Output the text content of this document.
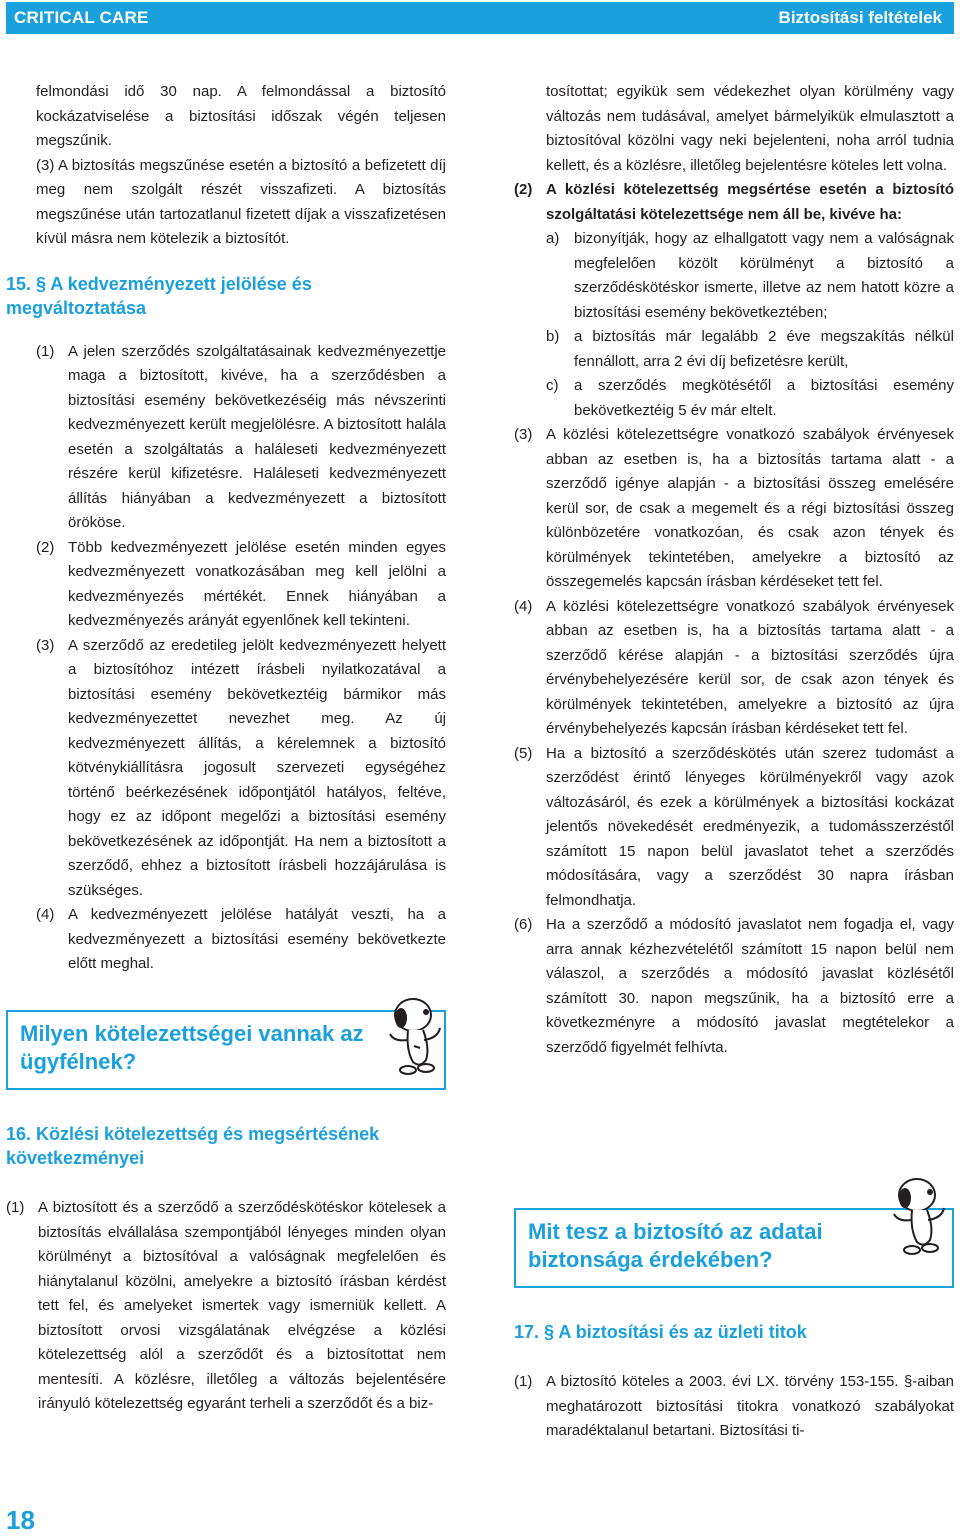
CRITICAL CARE	Biztosítási feltételek

felmondási idő 30 nap. A felmondással a biztosító kockázatviselése a biztosítási időszak végén teljesen megszűnik.

(3) A biztosítás megszűnése esetén a biztosító a befizetett díj meg nem szolgált részét visszafizeti. A biztosítás megszűnése után tartozatlanul fizetett díjak a visszafizetésen kívül másra nem kötelezik a biztosítót.

15. § A kedvezményezett jelölése és megváltoztatása
(1) A jelen szerződés szolgáltatásainak kedvezményezettje maga a biztosított, kivéve, ha a szerződésben a biztosítási esemény bekövetkezéséig más névszerinti kedvezményezett került megjelölésre. A biztosított halála esetén a szolgáltatás a haláleseti kedvezményezett részére kerül kifizetésre. Haláleseti kedvezményezett állítás hiányában a kedvezményezett a biztosított örököse.
(2) Több kedvezményezett jelölése esetén minden egyes kedvezményezett vonatkozásában meg kell jelölni a kedvezményezés mértékét. Ennek hiányában a kedvezményezés arányát egyenlőnek kell tekinteni.
(3) A szerződő az eredetileg jelölt kedvezményezett helyett a biztosítóhoz intézett írásbeli nyilatkozatával a biztosítási esemény bekövetkeztéig bármikor más kedvezményezettet nevezhet meg. Az új kedvezményezett állítás, a kérelemnek a biztosító kötvénykiállításra jogosult szervezeti egységéhez történő beérkezésének időpontjától hatályos, feltéve, hogy ez az időpont megelőzi a biztosítási esemény bekövetkezésének az időpontját. Ha nem a biztosított a szerződő, ehhez a biztosított írásbeli hozzájárulása is szükséges.
(4) A kedvezményezett jelölése hatályát veszti, ha a kedvezményezett a biztosítási esemény bekövetkezte előtt meghal.
Milyen kötelezettségei vannak az ügyfélnek?
16. Közlési kötelezettség és megsértésének következményei
(1) A biztosított és a szerződő a szerződéskötéskor kötelesek a biztosítás elvállalása szempontjából lényeges minden olyan körülményt a biztosítóval a valóságnak megfelelően és hiánytalanul közölni, amelyekre a biztosító írásban kérdést tett fel, és amelyeket ismertek vagy ismerniük kellett. A biztosított orvosi vizsgálatának elvégzése a közlési kötelezettség alól a szerződőt és a biztosítottat nem mentesíti. A közlésre, illetőleg a változás bejelentésére irányuló kötelezettség egyaránt terheli a szerződőt és a biz-

tosítottat; egyikük sem védekezhet olyan körülmény vagy változás nem tudásával, amelyet bármelyikük elmulasztott a biztosítóval közölni vagy neki bejelenteni, noha arról tudnia kellett, és a közlésre, illetőleg bejelentésre köteles lett volna.

(2) A közlési kötelezettség megsértése esetén a biztosító szolgáltatási kötelezettsége nem áll be, kivéve ha:
a) bizonyítják, hogy az elhallgatott vagy nem a valóságnak megfelelően közölt körülményt a biztosító a szerződéskötéskor ismerte, illetve az nem hatott közre a biztosítási esemény bekövetkeztében;
b) a biztosítás már legalább 2 éve megszakítás nélkül fennállott, arra 2 évi díj befizetésre került,
c) a szerződés megkötésétől a biztosítási esemény bekövetkeztéig 5 év már eltelt.
(3) A közlési kötelezettségre vonatkozó szabályok érvényesek abban az esetben is, ha a biztosítás tartama alatt - a szerződő igénye alapján - a biztosítási összeg emelésére kerül sor, de csak a megemelt és a régi biztosítási összeg különbözetére vonatkozóan, és csak azon tények és körülmények tekintetében, amelyekre a biztosító az összegemelés kapcsán írásban kérdéseket tett fel.
(4) A közlési kötelezettségre vonatkozó szabályok érvényesek abban az esetben is, ha a biztosítás tartama alatt - a szerződő kérése alapján - a biztosítási szerződés újra érvénybehelyezésére kerül sor, de csak azon tények és körülmények tekintetében, amelyekre a biztosító az újra érvénybehelyezés kapcsán írásban kérdéseket tett fel.
(5) Ha a biztosító a szerződéskötés után szerez tudomást a szerződést érintő lényeges körülményekről vagy azok változásáról, és ezek a körülmények a biztosítási kockázat jelentős növekedését eredményezik, a tudomásszerzéstől számított 15 napon belül javaslatot tehet a szerződés módosítására, vagy a szerződést 30 napra írásban felmondhatja.
(6) Ha a szerződő a módosító javaslatot nem fogadja el, vagy arra annak kézhezvételétől számított 15 napon belül nem válaszol, a szerződés a módosító javaslat közlésétől számított 30. napon megszűnik, ha a biztosító erre a következményre a módosító javaslat megtételekor a szerződő figyelmét felhívta.
Mit tesz a biztosító az adatai biztonsága érdekében?
17. § A biztosítási és az üzleti titok
(1) A biztosító köteles a 2003. évi LX. törvény 153-155. §-aiban meghatározott biztosítási titokra vonatkozó szabályokat maradéktalanul betartani. Biztosítási ti-
18
